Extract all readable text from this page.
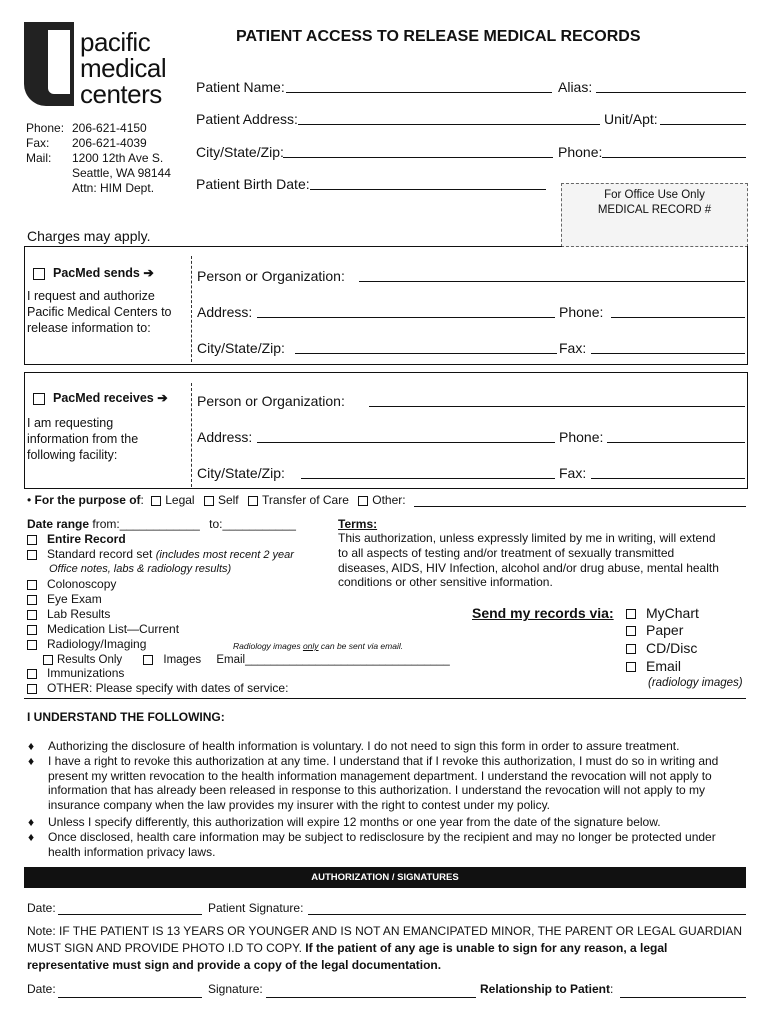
pacific
medical
centers
Phone: 206-621-4150
Fax: 206-621-4039
Mail: 1200 12th Ave S.
Seattle, WA 98144
Attn: HIM Dept.
PATIENT ACCESS TO RELEASE MEDICAL RECORDS
Patient Name:	Alias:
Patient Address:	Unit/Apt:
City/State/Zip:	Phone:
Patient Birth Date:
For Office Use Only
MEDICAL RECORD #
Charges may apply.
PacMed sends ➔
I request and authorize
Pacific Medical Centers to
release information to:
Person or Organization:
Address:	Phone:
City/State/Zip:	Fax:
PacMed receives ➔
I am requesting
information from the
following facility:
Person or Organization:
Address:	Phone:
City/State/Zip:	Fax:
• For the purpose of: Legal Self Transfer of Care Other:
Date range from:____________ to:___________
Entire Record
Standard record set (includes most recent 2 year
Office notes, labs & radiology results)
Colonoscopy
Eye Exam
Lab Results
Medication List—Current
Radiology/Imaging	Radiology images only can be sent via email.
Results Only	Images Email________________________________
Immunizations
OTHER: Please specify with dates of service:
Terms:
This authorization, unless expressly limited by me in writing, will extend
to all aspects of testing and/or treatment of sexually transmitted
diseases, AIDS, HIV Infection, alcohol and/or drug abuse, mental health
conditions or other sensitive information.
Send my records via:	MyChart
Paper
CD/Disc
Email
(radiology images)
I UNDERSTAND THE FOLLOWING:
♦ Authorizing the disclosure of health information is voluntary. I do not need to sign this form in order to assure treatment.
♦ I have a right to revoke this authorization at any time. I understand that if I revoke this authorization, I must do so in writing and present my written revocation to the health information management department. I understand the revocation will not apply to information that has already been released in response to this authorization. I understand the revocation will not apply to my insurance company when the law provides my insurer with the right to contest under my policy.
♦ Unless I specify differently, this authorization will expire 12 months or one year from the date of the signature below.
♦ Once disclosed, health care information may be subject to redisclosure by the recipient and may no longer be protected under health information privacy laws.
AUTHORIZATION / SIGNATURES
Date:	Patient Signature:
Note: IF THE PATIENT IS 13 YEARS OR YOUNGER AND IS NOT AN EMANCIPATED MINOR, THE PARENT OR LEGAL GUARDIAN MUST SIGN AND PROVIDE PHOTO I.D TO COPY. If the patient of any age is unable to sign for any reason, a legal representative must sign and provide a copy of the legal documentation.
Date:	Signature:	Relationship to Patient:
